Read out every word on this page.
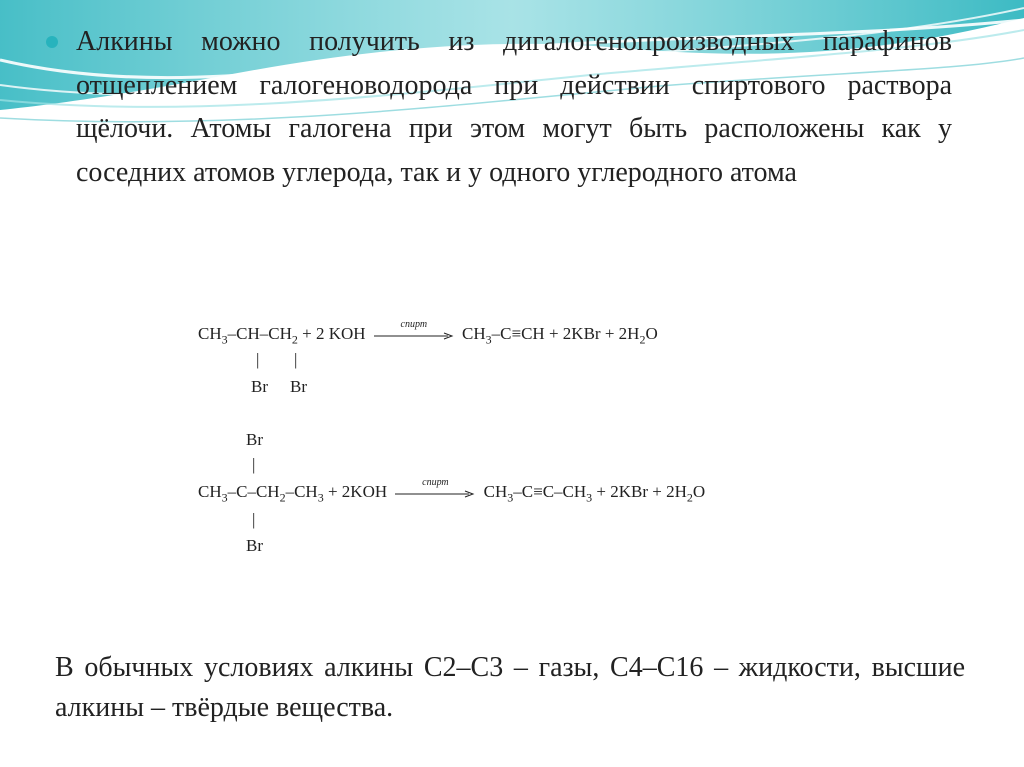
Алкины можно получить из дигалогенопроизводных парафинов отщеплением галогеноводорода при действии спиртового раствора щёлочи. Атомы галогена при этом могут быть расположены как у соседних атомов углерода, так и у одного углеродного атома

$CH_3-CH-CH_2 + 2$ KOH	спирт	$CH_3-C\equiv CH + 2KBr + 2H_2O$
| |
Br Br
Br
|
$CH_3-C-CH_2-CH_3 + 2KOH$	спирт	$CH_3-C\equiv C-CH_3 + 2KBr + 2H_2O$
|
Br

В обычных условиях алкины С2–С3 – газы, С4–С16 – жидкости, высшие алкины – твёрдые вещества.
